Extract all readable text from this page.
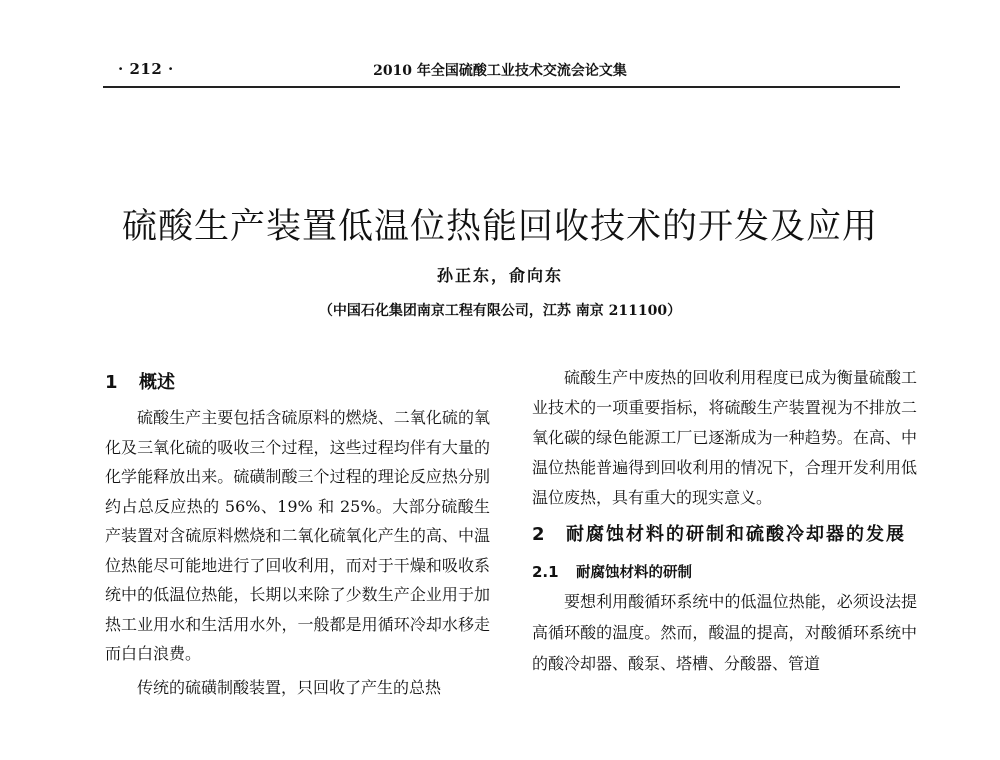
· 212 ·	2010 年全国硫酸工业技术交流会论文集
硫酸生产装置低温位热能回收技术的开发及应用
孙正东，俞向东
（中国石化集团南京工程有限公司，江苏 南京 211100）
1 概述

硫酸生产主要包括含硫原料的燃烧、二氧化硫的氧化及三氧化硫的吸收三个过程，这些过程均伴有大量的化学能释放出来。硫磺制酸三个过程的理论反应热分别约占总反应热的 56%、19% 和 25%。大部分硫酸生产装置对含硫原料燃烧和二氧化硫氧化产生的高、中温位热能尽可能地进行了回收利用，而对于干燥和吸收系统中的低温位热能，长期以来除了少数生产企业用于加热工业用水和生活用水外，一般都是用循环冷却水移走而白白浪费。

传统的硫磺制酸装置，只回收了产生的总热

硫酸生产中废热的回收利用程度已成为衡量硫酸工业技术的一项重要指标，将硫酸生产装置视为不排放二氧化碳的绿色能源工厂已逐渐成为一种趋势。在高、中温位热能普遍得到回收利用的情况下，合理开发利用低温位废热，具有重大的现实意义。

2 耐腐蚀材料的研制和硫酸冷却器的发展
2.1 耐腐蚀材料的研制

要想利用酸循环系统中的低温位热能，必须设法提高循环酸的温度。然而，酸温的提高，对酸循环系统中的酸冷却器、酸泵、塔槽、分酸器、管道
